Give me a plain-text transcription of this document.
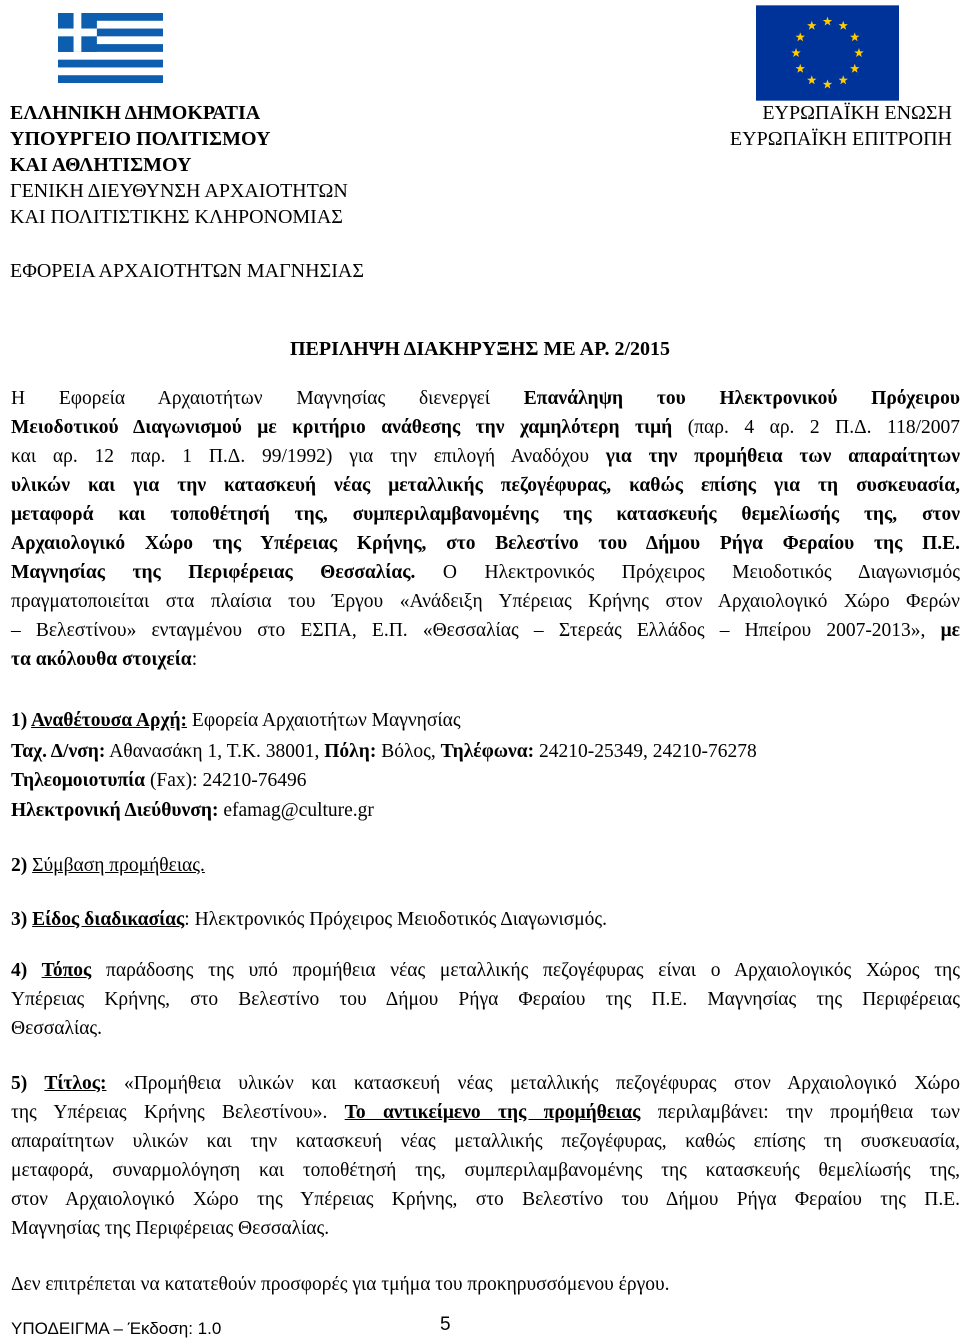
ΕΛΛΗΝΙΚΗ ΔΗΜΟΚΡΑΤΙΑ
ΥΠΟΥΡΓΕΙΟ ΠΟΛΙΤΙΣΜΟΥ
ΚΑΙ ΑΘΛΗΤΙΣΜΟΥ
ΓΕΝΙΚΗ ΔΙΕΥΘΥΝΣΗ ΑΡΧΑΙΟΤΗΤΩΝ
ΚΑΙ ΠΟΛΙΤΙΣΤΙΚΗΣ ΚΛΗΡΟΝΟΜΙΑΣ
ΕΥΡΩΠΑΪΚΗ ΕΝΩΣΗ
ΕΥΡΩΠΑΪΚΗ ΕΠΙΤΡΟΠΗ
ΕΦΟΡΕΙΑ ΑΡΧΑΙΟΤΗΤΩΝ ΜΑΓΝΗΣΙΑΣ
ΠΕΡΙΛΗΨΗ ΔΙΑΚΗΡΥΞΗΣ ΜΕ ΑΡ. 2/2015
Η Εφορεία Αρχαιοτήτων Μαγνησίας διενεργεί Επανάληψη του Ηλεκτρονικού Πρόχειρου
Μειοδοτικού Διαγωνισμού με κριτήριο ανάθεσης την χαμηλότερη τιμή (παρ. 4 αρ. 2 Π.Δ. 118/2007
και αρ. 12 παρ. 1 Π.Δ. 99/1992) για την επιλογή Αναδόχου για την προμήθεια των απαραίτητων
υλικών και για την κατασκευή νέας μεταλλικής πεζογέφυρας, καθώς επίσης για τη συσκευασία,
μεταφορά και τοποθέτησή της, συμπεριλαμβανομένης της κατασκευής θεμελίωσής της, στον
Αρχαιολογικό Χώρο της Υπέρειας Κρήνης, στο Βελεστίνο του Δήμου Ρήγα Φεραίου της Π.Ε.
Μαγνησίας της Περιφέρειας Θεσσαλίας. Ο Ηλεκτρονικός Πρόχειρος Μειοδοτικός Διαγωνισμός
πραγματοποιείται στα πλαίσια του Έργου «Ανάδειξη Υπέρειας Κρήνης στον Αρχαιολογικό Χώρο Φερών
– Βελεστίνου» ενταγμένου στο ΕΣΠΑ, Ε.Π. «Θεσσαλίας – Στερεάς Ελλάδος – Ηπείρου 2007-2013», με
τα ακόλουθα στοιχεία:
1) Αναθέτουσα Αρχή: Εφορεία Αρχαιοτήτων Μαγνησίας
Ταχ. Δ/νση: Αθανασάκη 1, Τ.Κ. 38001, Πόλη: Βόλος, Τηλέφωνα: 24210-25349, 24210-76278
Τηλεομοιοτυπία (Fax): 24210-76496
Ηλεκτρονική Διεύθυνση: efamag@culture.gr
2) Σύμβαση προμήθειας.
3) Είδος διαδικασίας: Ηλεκτρονικός Πρόχειρος Μειοδοτικός Διαγωνισμός.
4) Τόπος παράδοσης της υπό προμήθεια νέας μεταλλικής πεζογέφυρας είναι ο Αρχαιολογικός Χώρος της
Υπέρειας Κρήνης, στο Βελεστίνο του Δήμου Ρήγα Φεραίου της Π.Ε. Μαγνησίας της Περιφέρειας
Θεσσαλίας.
5) Τίτλος: «Προμήθεια υλικών και κατασκευή νέας μεταλλικής πεζογέφυρας στον Αρχαιολογικό Χώρο
της Υπέρειας Κρήνης Βελεστίνου». Το αντικείμενο της προμήθειας περιλαμβάνει: την προμήθεια των
απαραίτητων υλικών και την κατασκευή νέας μεταλλικής πεζογέφυρας, καθώς επίσης τη συσκευασία,
μεταφορά, συναρμολόγηση και τοποθέτησή της, συμπεριλαμβανομένης της κατασκευής θεμελίωσής της,
στον Αρχαιολογικό Χώρο της Υπέρειας Κρήνης, στο Βελεστίνο του Δήμου Ρήγα Φεραίου της Π.Ε.
Μαγνησίας της Περιφέρειας Θεσσαλίας.
Δεν επιτρέπεται να κατατεθούν προσφορές για τμήμα του προκηρυσσόμενου έργου.
ΥΠΟΔΕΙΓΜΑ – Έκδοση: 1.0	5
